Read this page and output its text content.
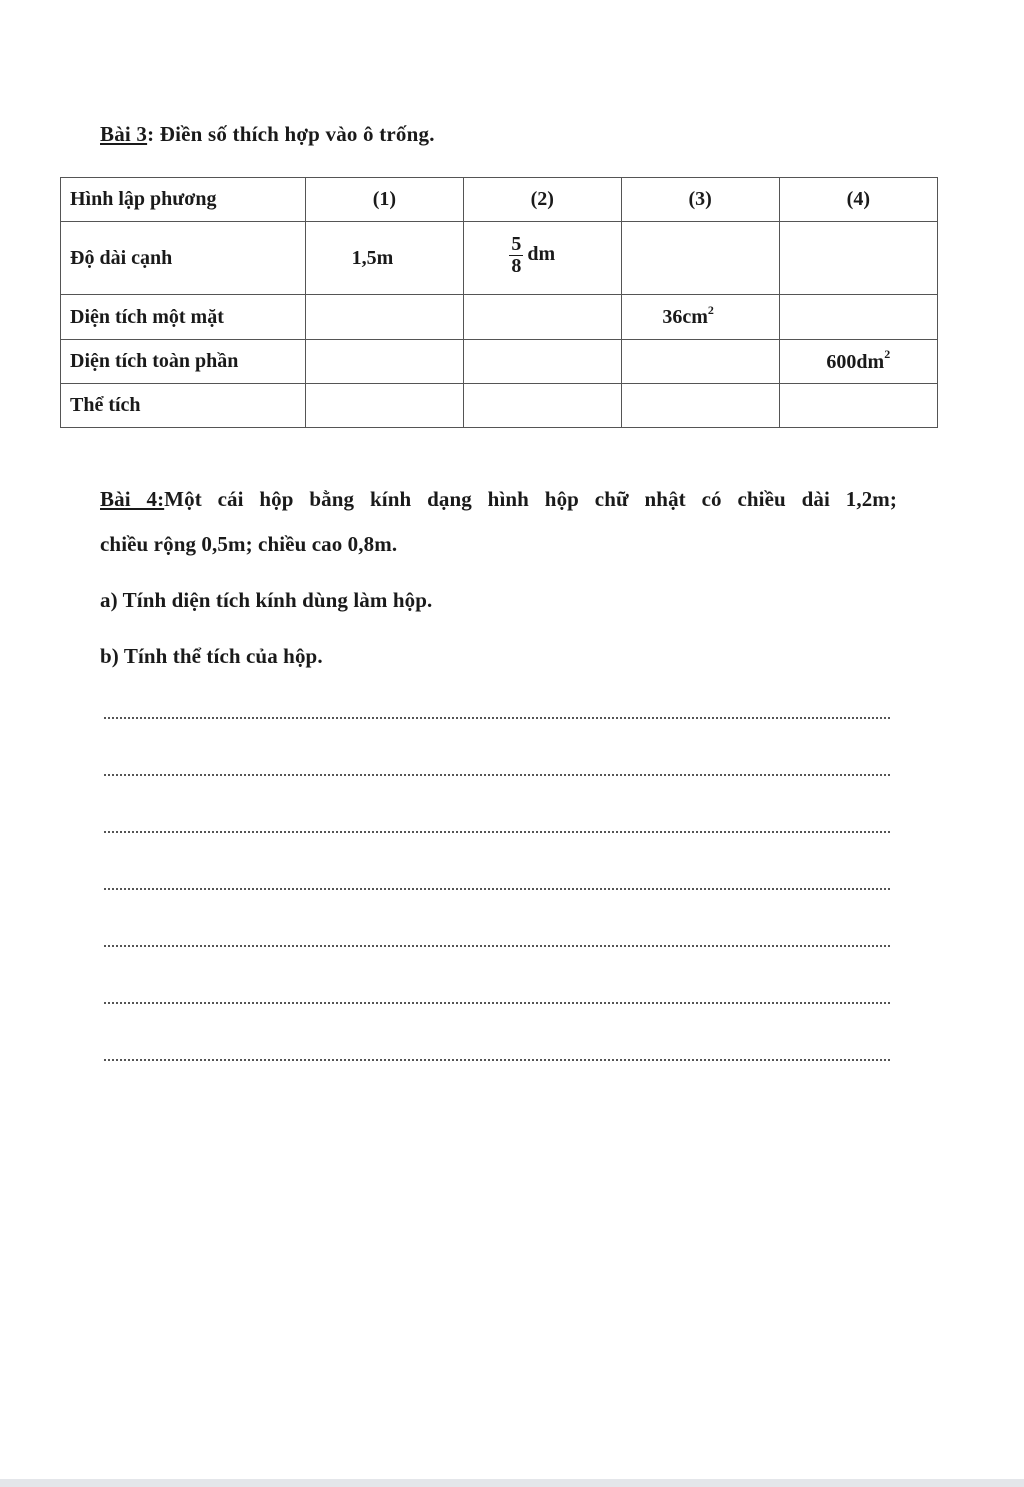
Bài 3: Điền số thích hợp vào ô trống.
Hình lập phương	(1)	(2)	(3)	(4)
Độ dài cạnh	1,5m	$\frac{5}{8}$ dm		
Diện tích một mặt			$36cm^2$	
Diện tích toàn phần				$600dm^2$
Thể tích				
Bài 4:Một cái hộp bằng kính dạng hình hộp chữ nhật có chiều dài 1,2m;
chiều rộng 0,5m; chiều cao 0,8m.
a) Tính diện tích kính dùng làm hộp.
b) Tính thể tích của hộp.
